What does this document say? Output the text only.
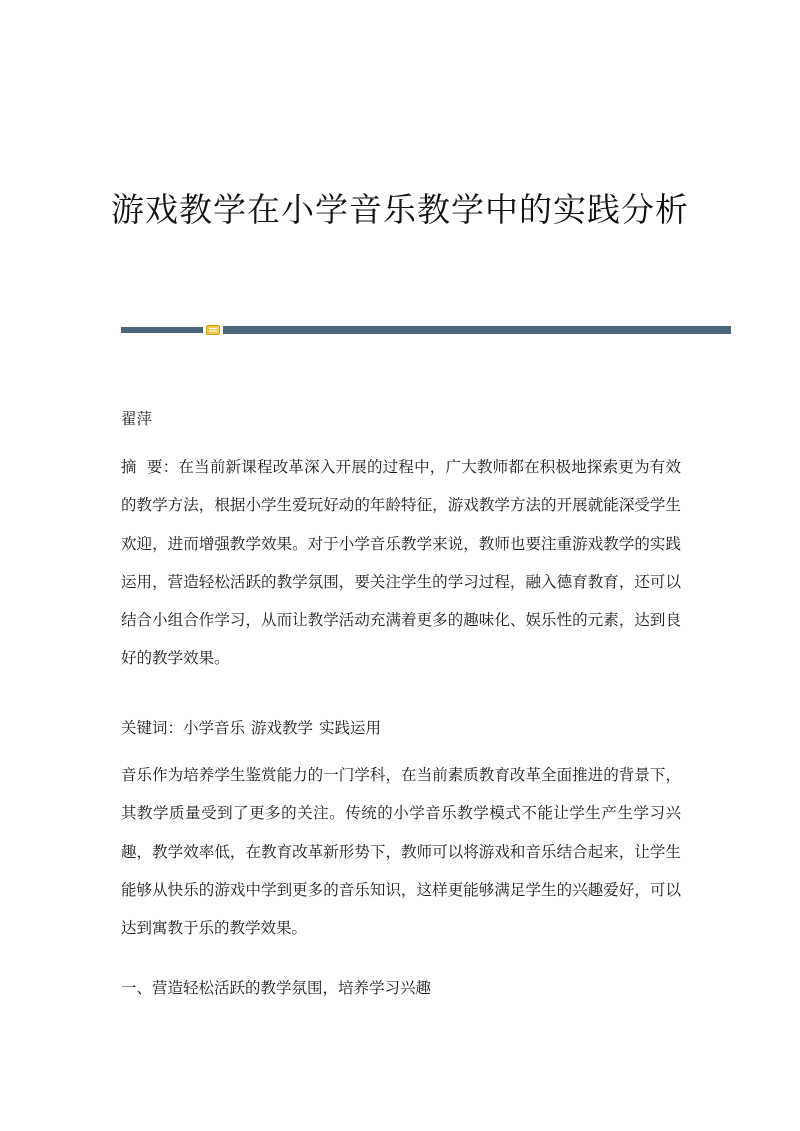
游戏教学在小学音乐教学中的实践分析

翟萍

摘  要：在当前新课程改革深入开展的过程中，广大教师都在积极地探索更为有效的教学方法，根据小学生爱玩好动的年龄特征，游戏教学方法的开展就能深受学生欢迎，进而增强教学效果。对于小学音乐教学来说，教师也要注重游戏教学的实践运用，营造轻松活跃的教学氛围，要关注学生的学习过程，融入德育教育，还可以结合小组合作学习，从而让教学活动充满着更多的趣味化、娱乐性的元素，达到良好的教学效果。

关键词：小学音乐 游戏教学 实践运用

音乐作为培养学生鉴赏能力的一门学科，在当前素质教育改革全面推进的背景下，其教学质量受到了更多的关注。传统的小学音乐教学模式不能让学生产生学习兴趣，教学效率低，在教育改革新形势下，教师可以将游戏和音乐结合起来，让学生能够从快乐的游戏中学到更多的音乐知识，这样更能够满足学生的兴趣爱好，可以达到寓教于乐的教学效果。

一、营造轻松活跃的教学氛围，培养学习兴趣
